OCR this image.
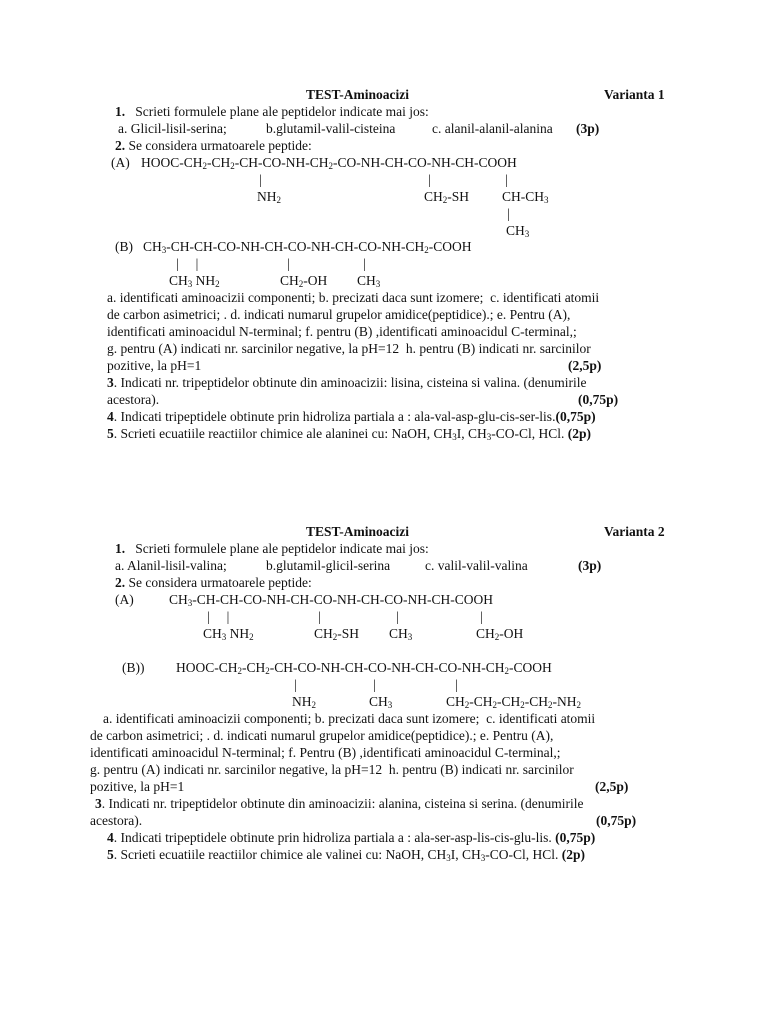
TEST-Aminoacizi	Varianta 1
1. Scrieti formulele plane ale peptidelor indicate mai jos:
a. Glicil-lisil-serina;	b.glutamil-valil-cisteina	c. alanil-alanil-alanina (3p)
2. Se considera urmatoarele peptide:
(A) HOOC-$CH_2-CH_2-CH-CO-NH-CH_2-CO-NH-CH-CO-NH-CH$-COOH
|	|	|
$NH_2$	$CH_2-SH$ $CH-CH_3$
|
$CH_3$
(B) $CH_3-CH-CH-CO-NH-CH-CO-NH-CH-CO-NH-CH_2$-COOH
|     |	|	|
$CH_3$ $NH_2$	$CH_2-OH$ $CH_3$
a. identificati aminoacizii componenti; b. precizati daca sunt izomere;  c. identificati atomii
de carbon asimetrici; . d. indicati numarul grupelor amidice(peptidice).; e. Pentru (A),
identificati aminoacidul N-terminal; f. pentru (B) ,identificati aminoacidul C-terminal,;
g. pentru (A) indicati nr. sarcinilor negative, la pH=12  h. pentru (B) indicati nr. sarcinilor
pozitive, la pH=1	(2,5p)
3. Indicati nr. tripeptidelor obtinute din aminoacizii: lisina, cisteina si valina. (denumirile
acestora).	(0,75p)
4. Indicati tripeptidele obtinute prin hidroliza partiala a : ala-val-asp-glu-cis-ser-lis.(0,75p)
5. Scrieti ecuatiile reactiilor chimice ale alaninei cu: NaOH, $CH_3I$, $CH_3-CO-Cl$, HCl. (2p)
TEST-Aminoacizi	Varianta 2
1. Scrieti formulele plane ale peptidelor indicate mai jos:
a. Alanil-lisil-valina;	b.glutamil-glicil-serina	c. valil-valil-valina	(3p)
2. Se considera urmatoarele peptide:
(A)	$CH_3-CH-CH-CO-NH-CH-CO-NH-CH-CO-NH-CH$-COOH
|     |	|	|	|
$CH_3$ $NH_2$	$CH_2-SH$ $CH_3$	$CH_2-OH$
(B)) HOOC-$CH_2-CH_2-CH-CO-NH-CH-CO-NH-CH-CO-NH-CH_2$-COOH
|	|	|
$NH_2$	$CH_3$	$CH_2-CH_2-CH_2-CH_2-NH_2$
a. identificati aminoacizii componenti; b. precizati daca sunt izomere;  c. identificati atomii
de carbon asimetrici; . d. indicati numarul grupelor amidice(peptidice).; e. Pentru (A),
identificati aminoacidul N-terminal; f. Pentru (B) ,identificati aminoacidul C-terminal,;
g. pentru (A) indicati nr. sarcinilor negative, la pH=12  h. pentru (B) indicati nr. sarcinilor
pozitive, la pH=1	(2,5p)
3. Indicati nr. tripeptidelor obtinute din aminoacizii: alanina, cisteina si serina. (denumirile
acestora).	(0,75p)
4. Indicati tripeptidele obtinute prin hidroliza partiala a : ala-ser-asp-lis-cis-glu-lis. (0,75p)
5. Scrieti ecuatiile reactiilor chimice ale valinei cu: NaOH, $CH_3I$, $CH_3-CO-Cl$, HCl. (2p)
